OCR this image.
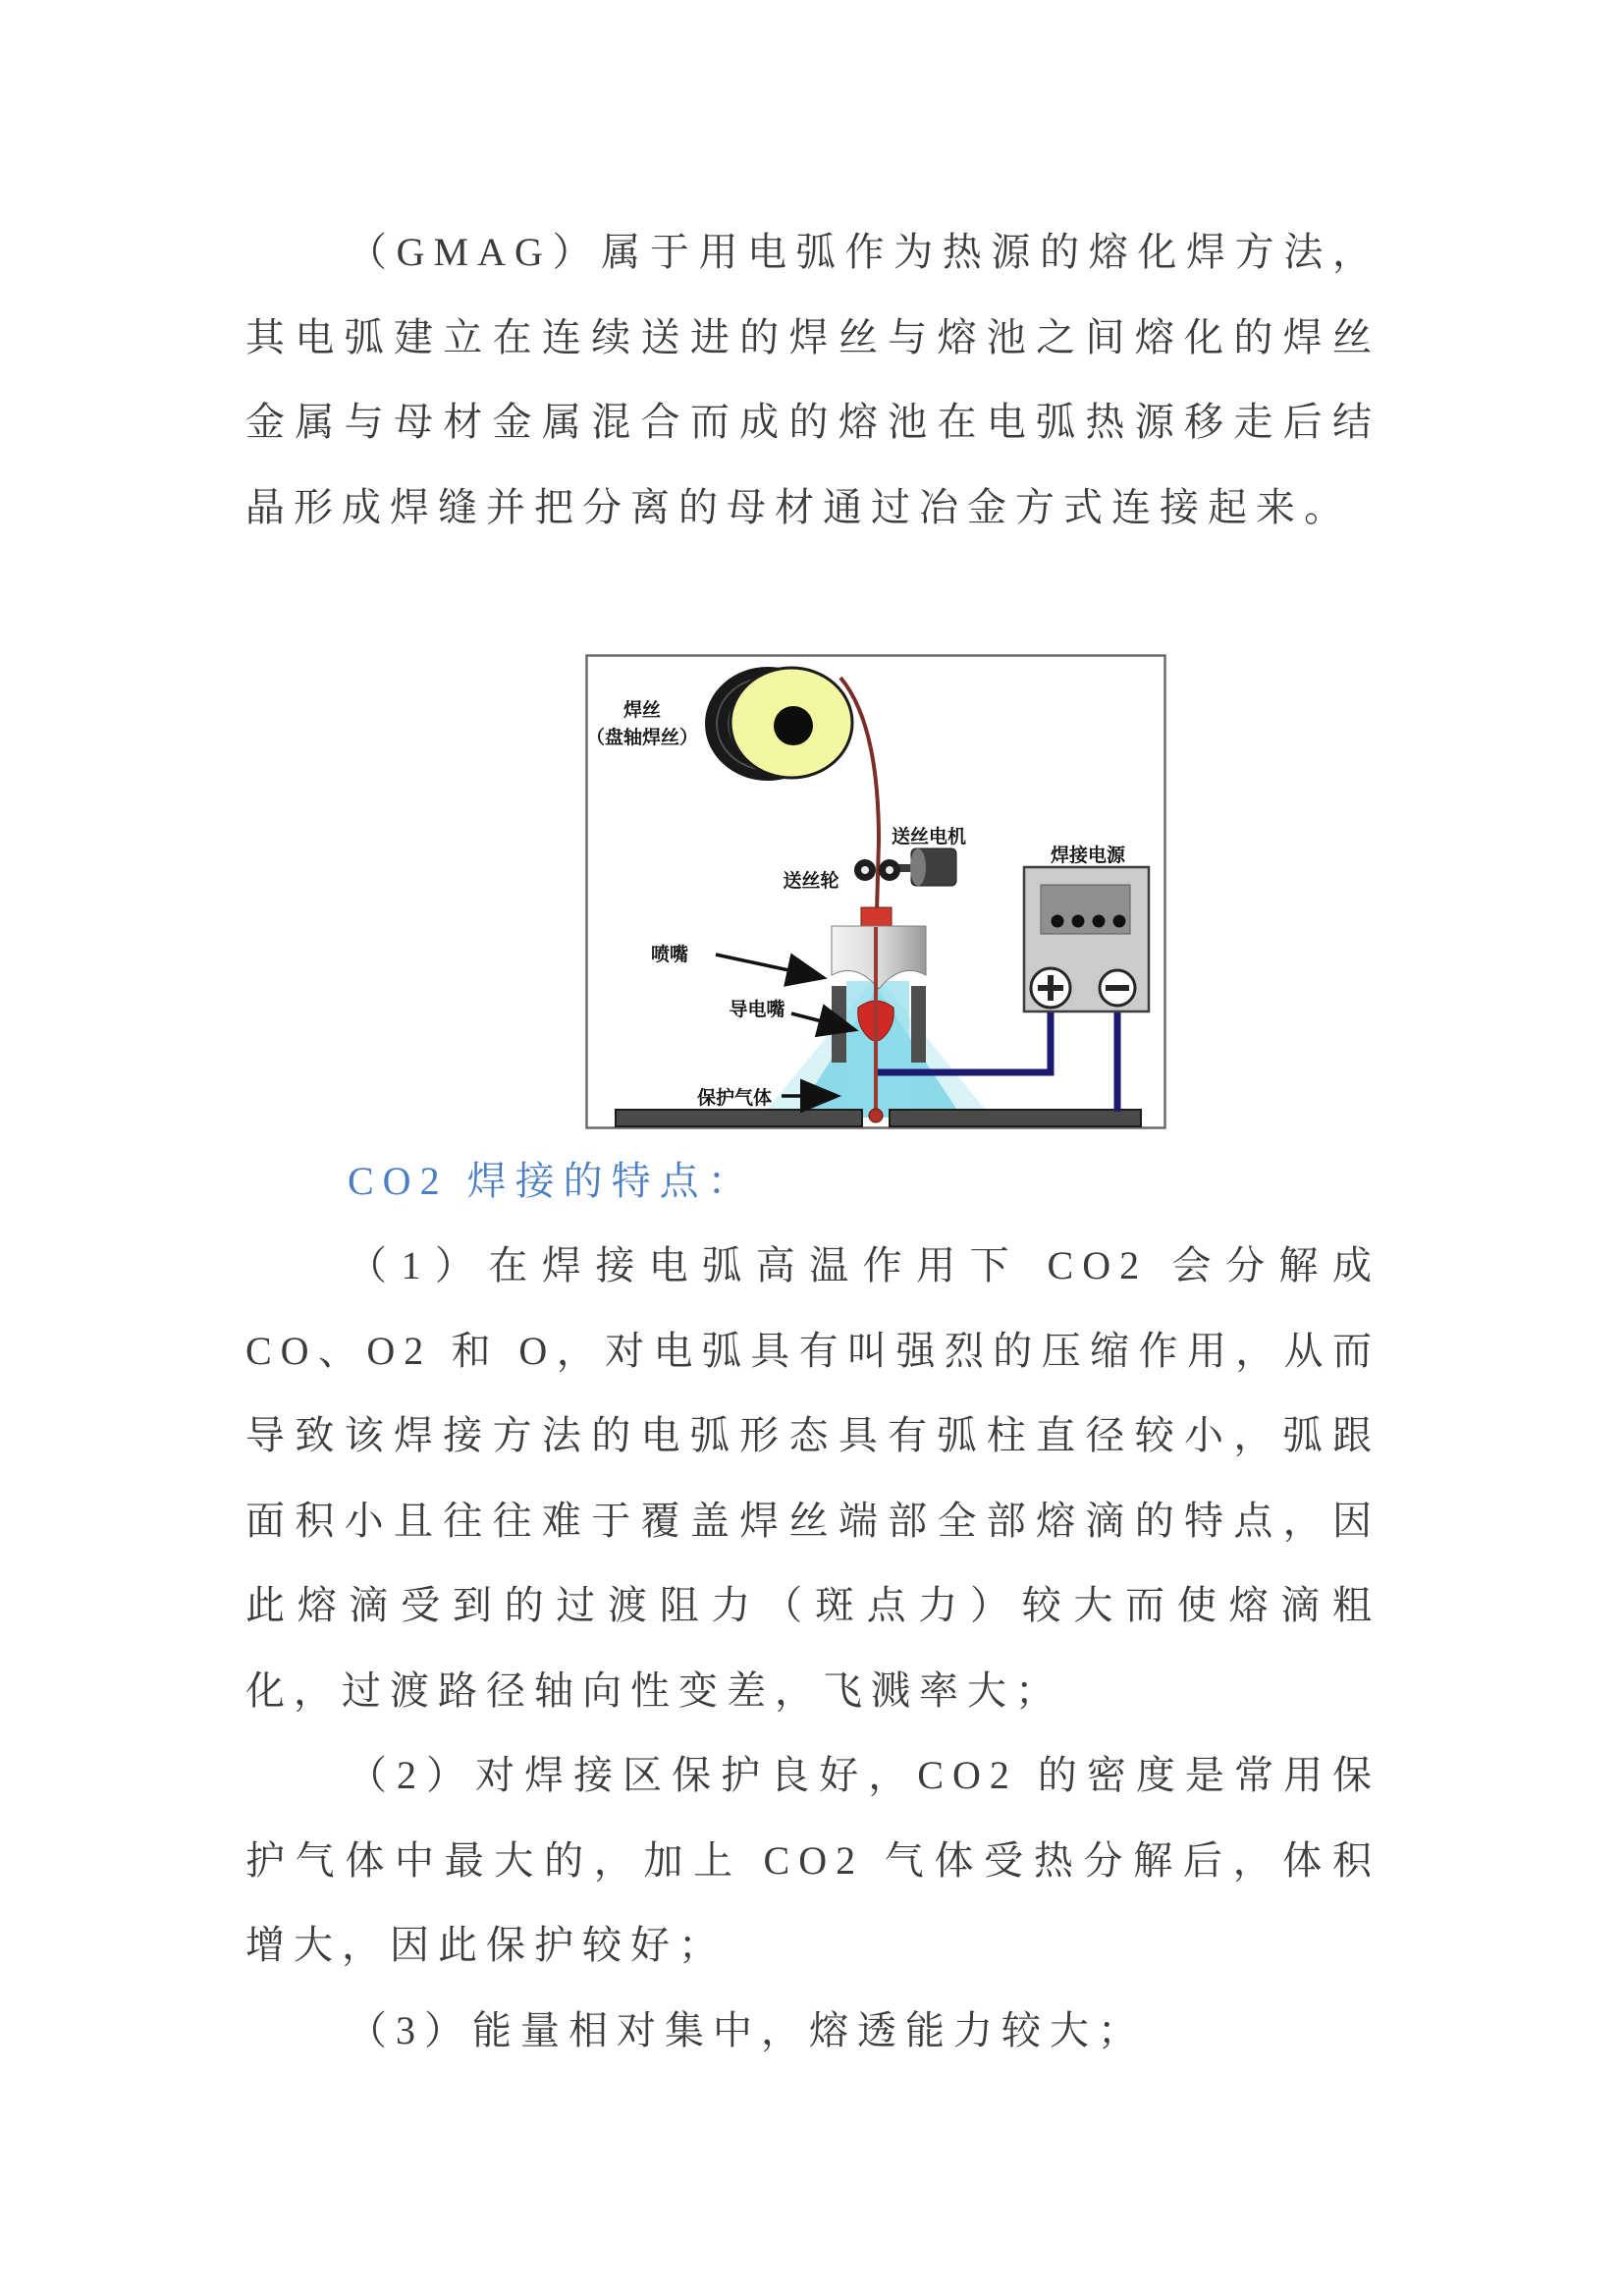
（GMAG）属于用电弧作为热源的熔化焊方法，其电弧建立在连续送进的焊丝与熔池之间熔化的焊丝金属与母材金属混合而成的熔池在电弧热源移走后结晶形成焊缝并把分离的母材通过冶金方式连接起来。

焊丝
（盘轴焊丝）
送丝电机
送丝轮
喷嘴
导电嘴
保护气体
焊接电源
CO2 焊接的特点：

（1）在焊接电弧高温作用下 CO2 会分解成 CO、O2 和 O，对电弧具有叫强烈的压缩作用，从而导致该焊接方法的电弧形态具有弧柱直径较小，弧跟面积小且往往难于覆盖焊丝端部全部熔滴的特点，因此熔滴受到的过渡阻力（斑点力）较大而使熔滴粗化，过渡路径轴向性变差，飞溅率大；

（2）对焊接区保护良好，CO2 的密度是常用保护气体中最大的，加上 CO2 气体受热分解后，体积增大，因此保护较好；

（3）能量相对集中，熔透能力较大；
